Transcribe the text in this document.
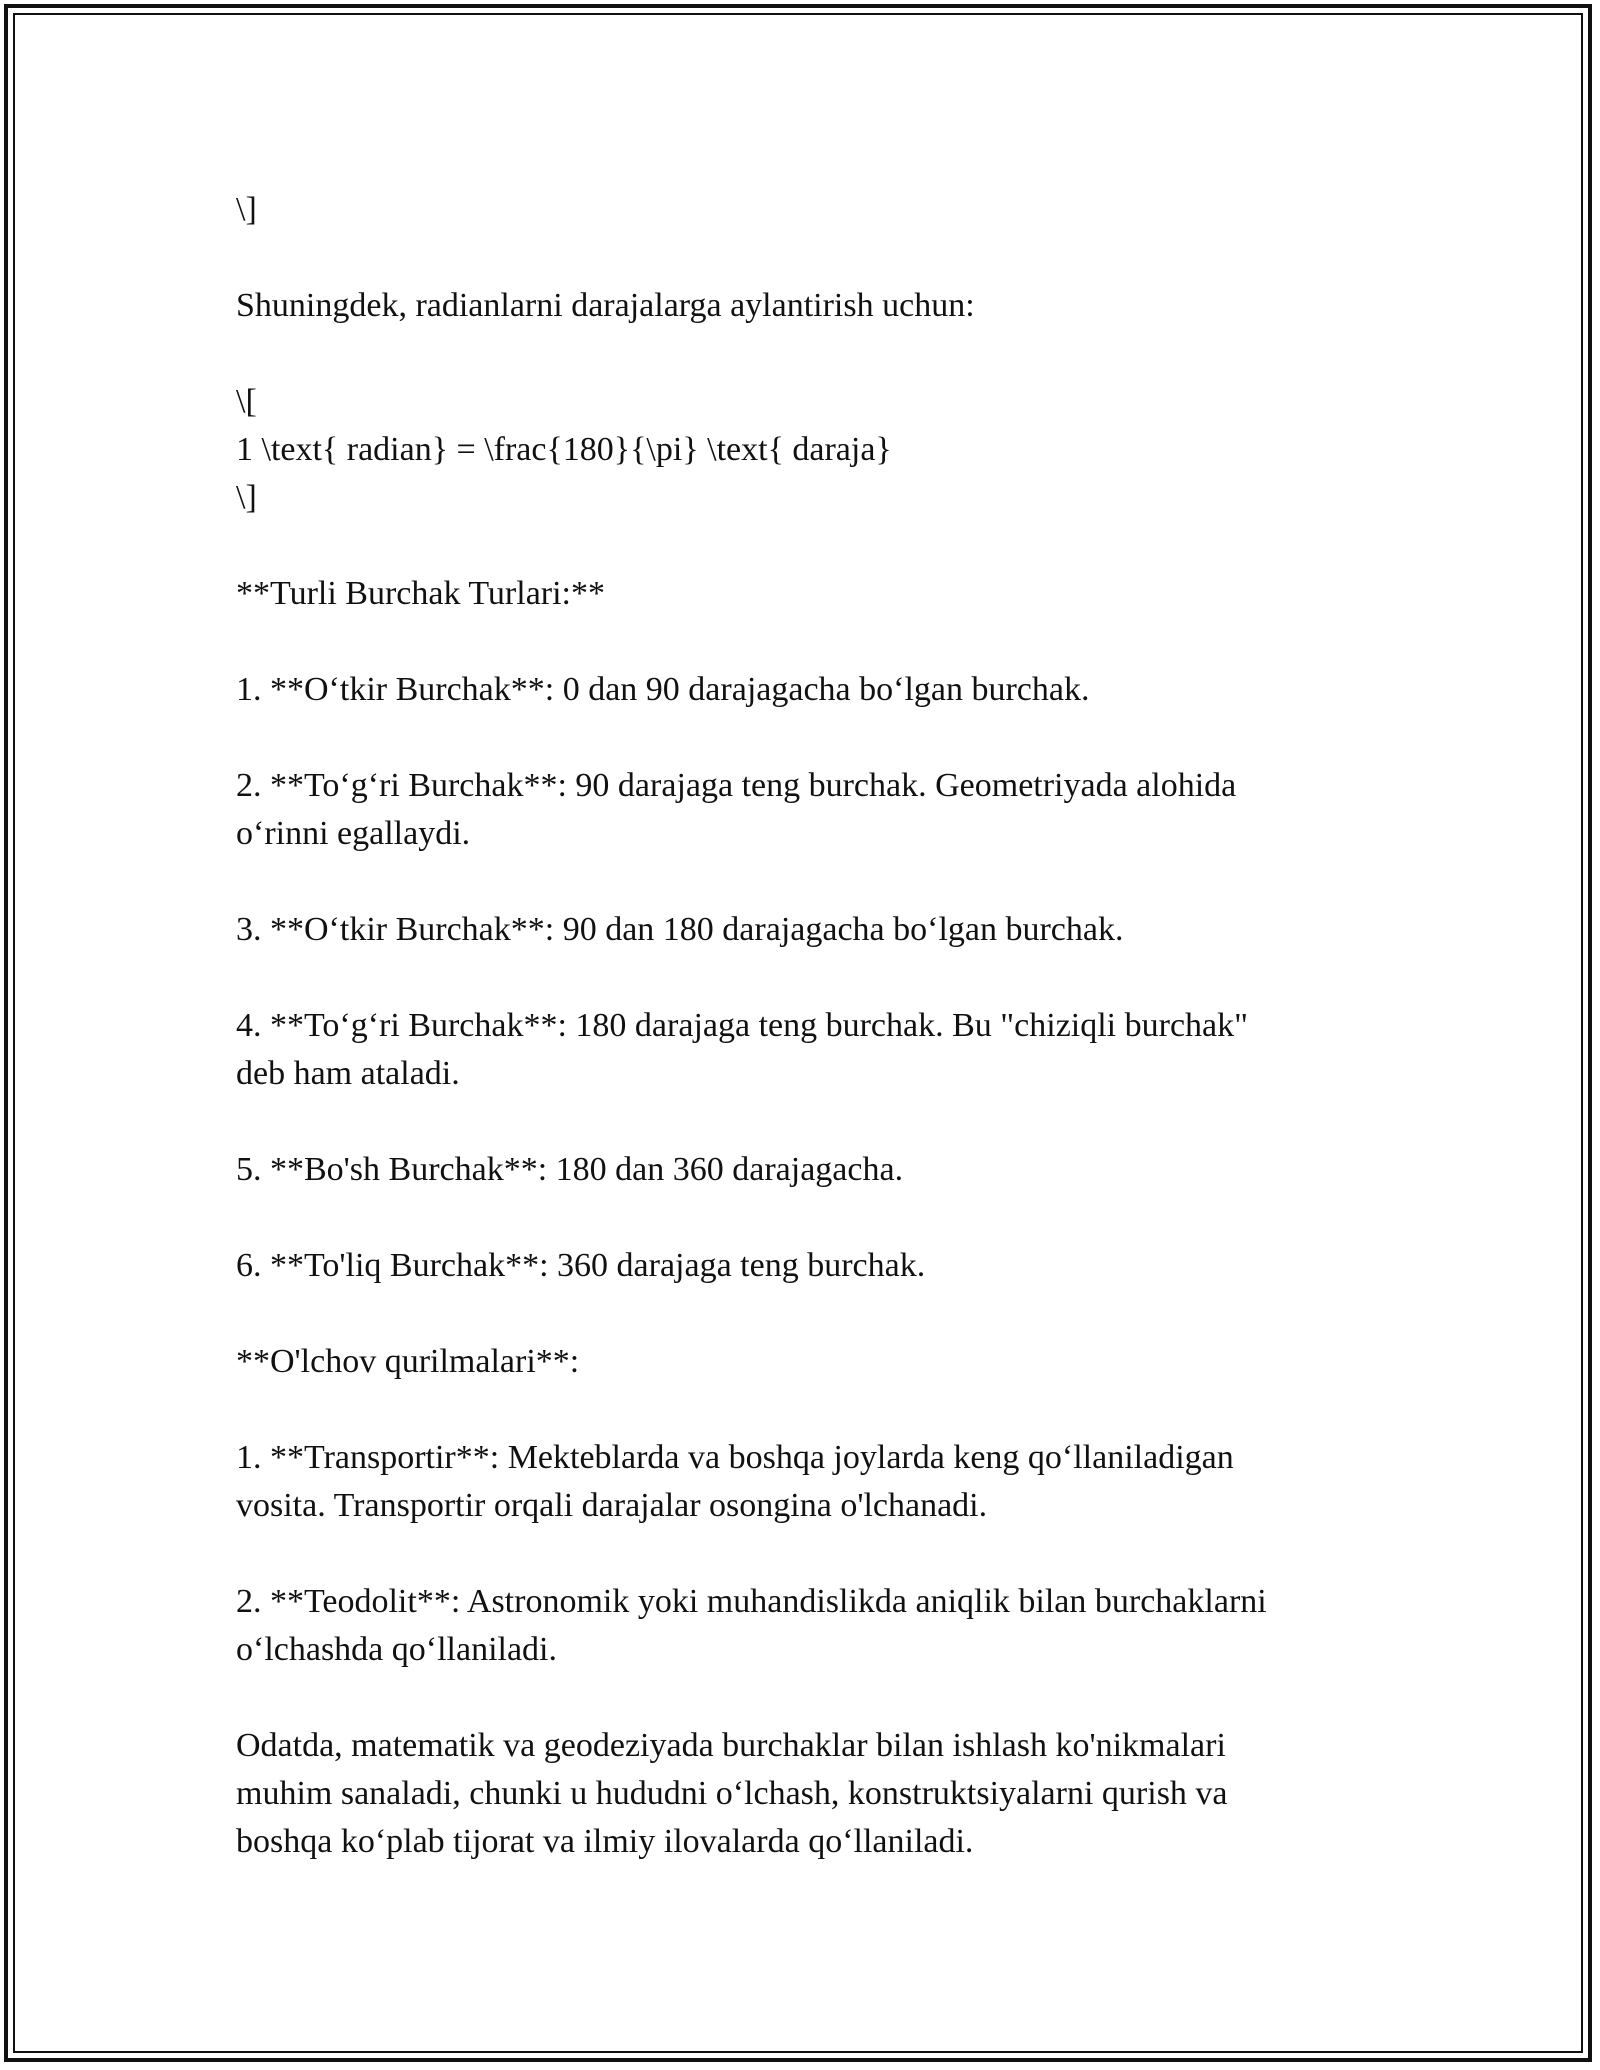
\]
Shuningdek, radianlarni darajalarga aylantirish uchun:
\[
1 \text{ radian} = \frac{180}{\pi} \text{ daraja}
\]
**Turli Burchak Turlari:**
1. **O‘tkir Burchak**: 0 dan 90 darajagacha bo‘lgan burchak.
2. **To‘g‘ri Burchak**: 90 darajaga teng burchak. Geometriyada alohida
o‘rinni egallaydi.
3. **O‘tkir Burchak**: 90 dan 180 darajagacha bo‘lgan burchak.
4. **To‘g‘ri Burchak**: 180 darajaga teng burchak. Bu "chiziqli burchak"
deb ham ataladi.
5. **Bo'sh Burchak**: 180 dan 360 darajagacha.
6. **To'liq Burchak**: 360 darajaga teng burchak.
**O'lchov qurilmalari**:
1. **Transportir**: Mekteblarda va boshqa joylarda keng qo‘llaniladigan
vosita. Transportir orqali darajalar osongina o'lchanadi.
2. **Teodolit**: Astronomik yoki muhandislikda aniqlik bilan burchaklarni
o‘lchashda qo‘llaniladi.
Odatda, matematik va geodeziyada burchaklar bilan ishlash ko'nikmalari
muhim sanaladi, chunki u hududni o‘lchash, konstruktsiyalarni qurish va
boshqa ko‘plab tijorat va ilmiy ilovalarda qo‘llaniladi.
